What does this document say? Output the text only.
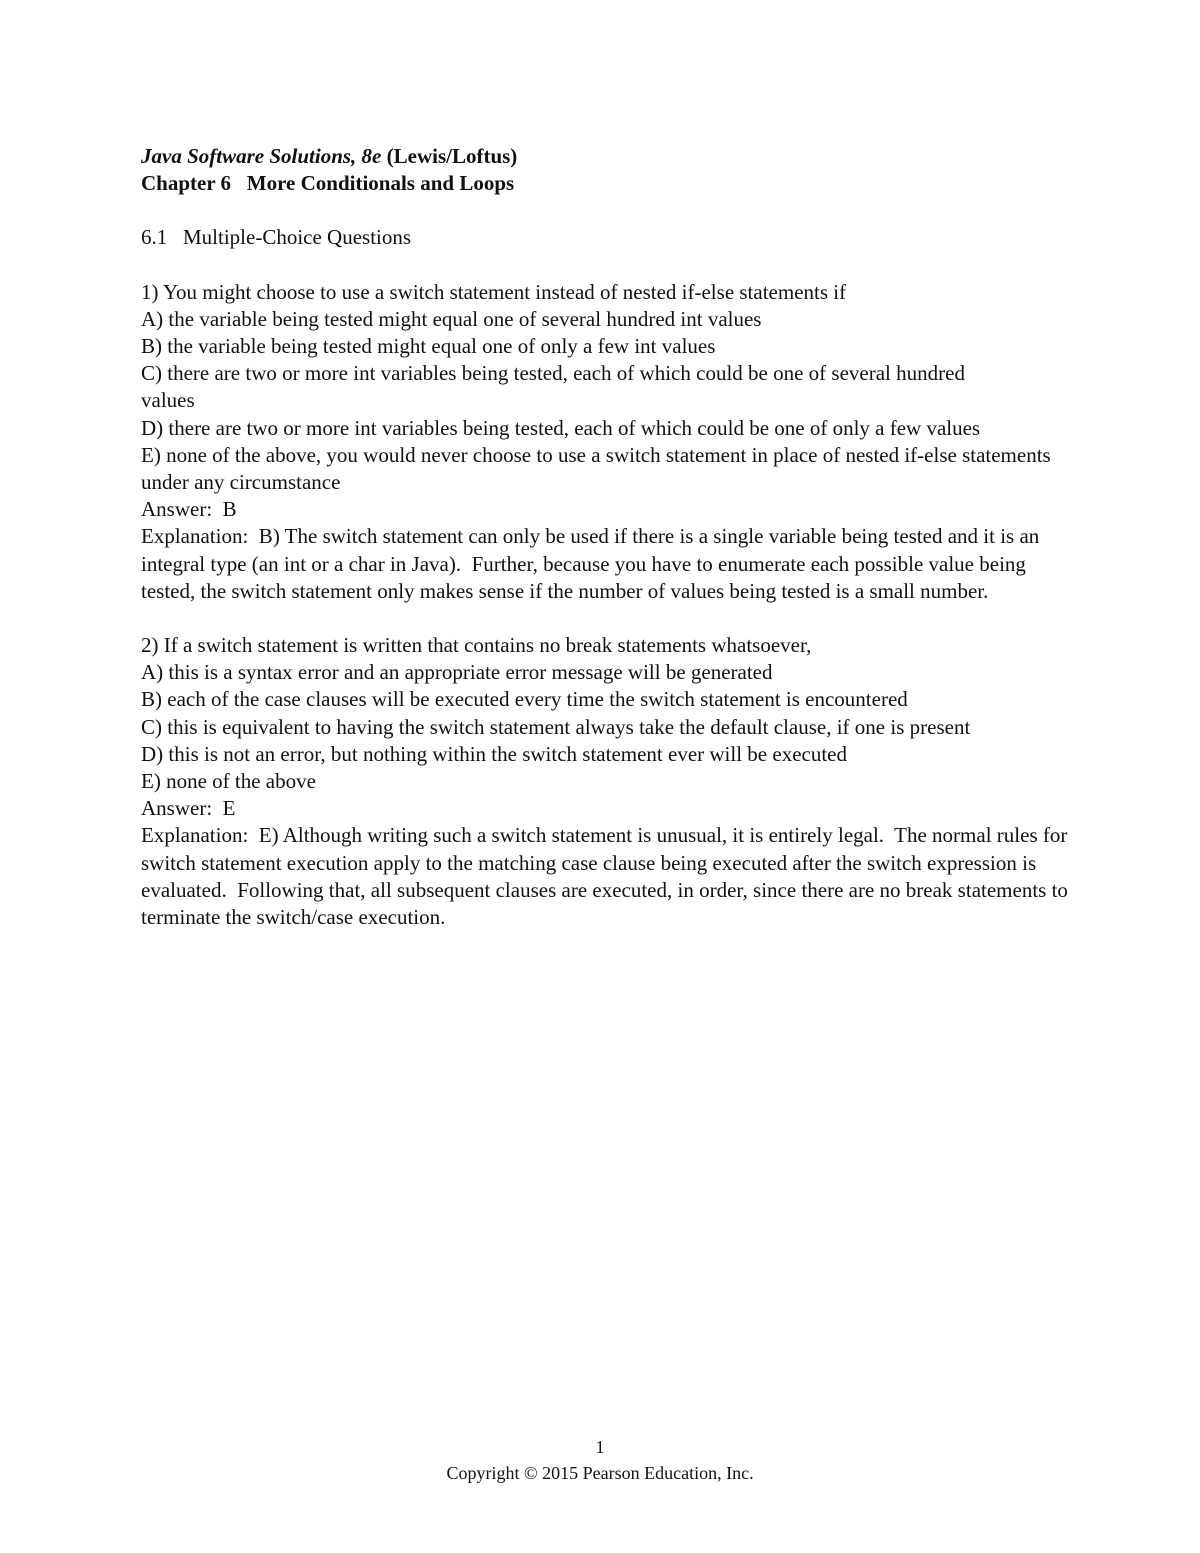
Java Software Solutions, 8e (Lewis/Loftus)
Chapter 6   More Conditionals and Loops
6.1   Multiple-Choice Questions
1) You might choose to use a switch statement instead of nested if-else statements if
A) the variable being tested might equal one of several hundred int values
B) the variable being tested might equal one of only a few int values
C) there are two or more int variables being tested, each of which could be one of several hundred values
D) there are two or more int variables being tested, each of which could be one of only a few values
E) none of the above, you would never choose to use a switch statement in place of nested if-else statements under any circumstance
Answer:  B
Explanation:  B) The switch statement can only be used if there is a single variable being tested and it is an integral type (an int or a char in Java).  Further, because you have to enumerate each possible value being tested, the switch statement only makes sense if the number of values being tested is a small number.
2) If a switch statement is written that contains no break statements whatsoever,
A) this is a syntax error and an appropriate error message will be generated
B) each of the case clauses will be executed every time the switch statement is encountered
C) this is equivalent to having the switch statement always take the default clause, if one is present
D) this is not an error, but nothing within the switch statement ever will be executed
E) none of the above
Answer:  E
Explanation:  E) Although writing such a switch statement is unusual, it is entirely legal.  The normal rules for switch statement execution apply to the matching case clause being executed after the switch expression is evaluated.  Following that, all subsequent clauses are executed, in order, since there are no break statements to terminate the switch/case execution.
1
Copyright © 2015 Pearson Education, Inc.
